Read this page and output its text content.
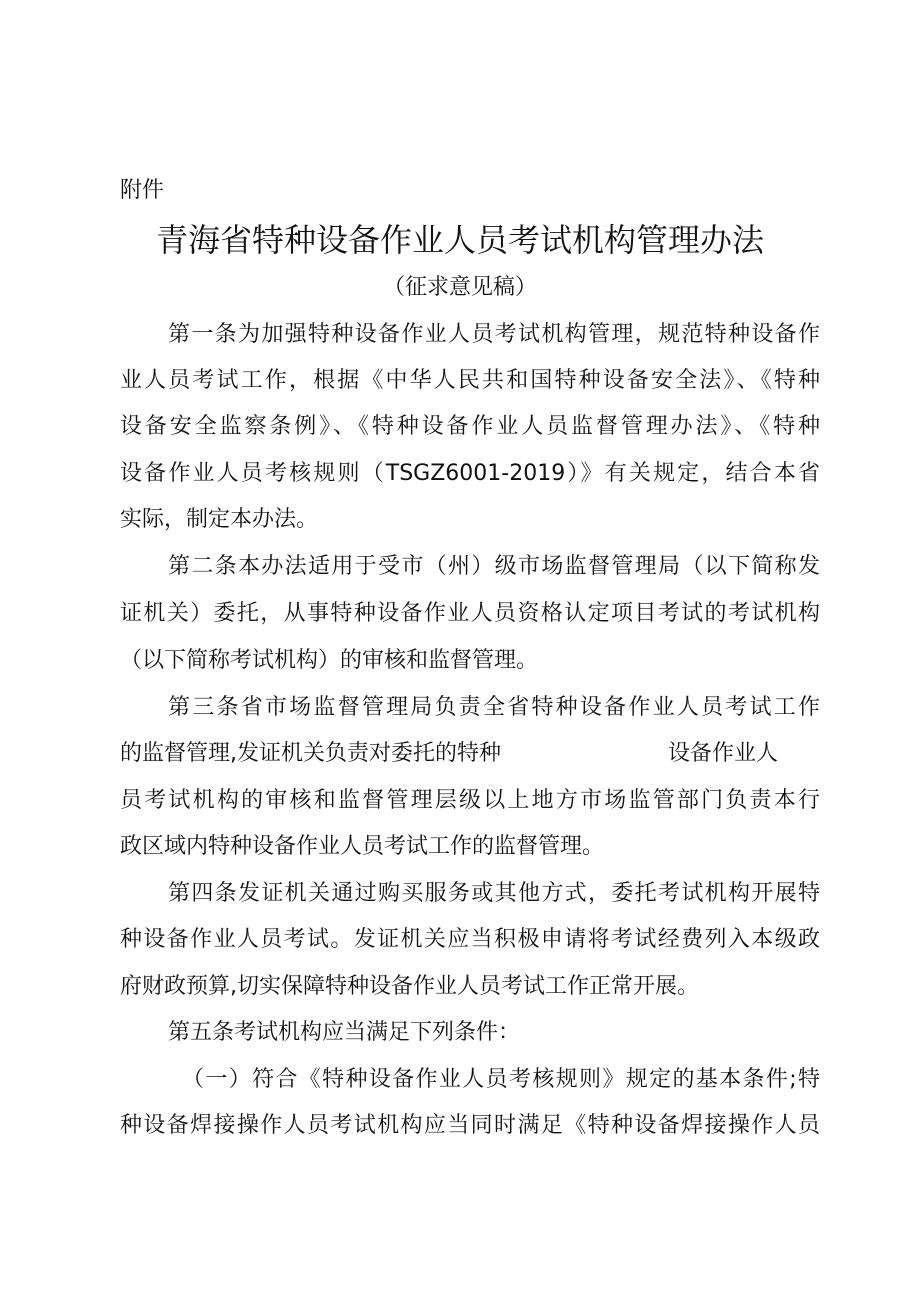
附件
青海省特种设备作业人员考试机构管理办法
（征求意见稿）
第一条为加强特种设备作业人员考试机构管理，规范特种设备作
业人员考试工作，根据《中华人民共和国特种设备安全法》、《特种
设备安全监察条例》、《特种设备作业人员监督管理办法》、《特种
设备作业人员考核规则（TSGZ6001-2019）》有关规定，结合本省
实际，制定本办法。
第二条本办法适用于受市（州）级市场监督管理局（以下简称发
证机关）委托，从事特种设备作业人员资格认定项目考试的考试机构
（以下简称考试机构）的审核和监督管理。
第三条省市场监督管理局负责全省特种设备作业人员考试工作
的监督管理,发证机关负责对委托的特种	设备作业人
员考试机构的审核和监督管理层级以上地方市场监管部门负责本行
政区域内特种设备作业人员考试工作的监督管理。
第四条发证机关通过购买服务或其他方式，委托考试机构开展特
种设备作业人员考试。发证机关应当积极申请将考试经费列入本级政
府财政预算,切实保障特种设备作业人员考试工作正常开展。
第五条考试机构应当满足下列条件：
（一）符合《特种设备作业人员考核规则》规定的基本条件;特
种设备焊接操作人员考试机构应当同时满足《特种设备焊接操作人员
